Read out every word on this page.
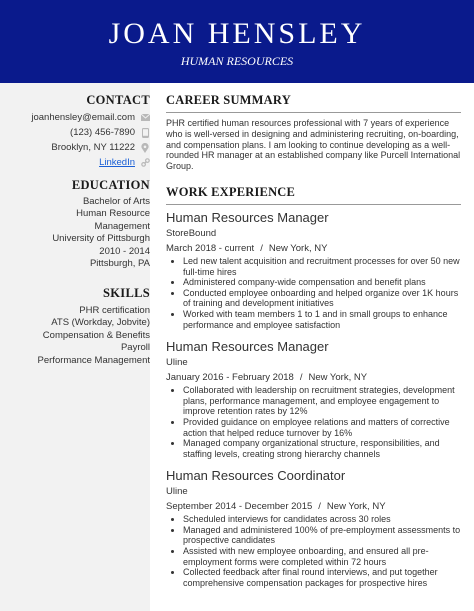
JOAN HENSLEY
HUMAN RESOURCES
CONTACT
joanhensley@email.com
(123) 456-7890
Brooklyn, NY 11222
LinkedIn
EDUCATION
Bachelor of Arts
Human Resource
Management
University of Pittsburgh
2010 - 2014
Pittsburgh, PA
SKILLS
PHR certification
ATS (Workday, Jobvite)
Compensation & Benefits
Payroll
Performance Management
CAREER SUMMARY
PHR certified human resources professional with 7 years of experience who is well-versed in designing and administering recruiting, on-boarding, and compensation plans. I am looking to continue developing as a well-rounded HR manager at an established company like Purcell International Group.
WORK EXPERIENCE
Human Resources Manager
StoreBound
March 2018 - current / New York, NY
• Led new talent acquisition and recruitment processes for over 50 new full-time hires
• Administered company-wide compensation and benefit plans
• Conducted employee onboarding and helped organize over 1K hours of training and development initiatives
• Worked with team members 1 to 1 and in small groups to enhance performance and employee satisfaction
Human Resources Manager
Uline
January 2016 - February 2018 / New York, NY
• Collaborated with leadership on recruitment strategies, development plans, performance management, and employee engagement to improve retention rates by 12%
• Provided guidance on employee relations and matters of corrective action that helped reduce turnover by 16%
• Managed company organizational structure, responsibilities, and staffing levels, creating strong hierarchy channels
Human Resources Coordinator
Uline
September 2014 - December 2015 / New York, NY
• Scheduled interviews for candidates across 30 roles
• Managed and administered 100% of pre-employment assessments to prospective candidates
• Assisted with new employee onboarding, and ensured all pre-employment forms were completed within 72 hours
• Collected feedback after final round interviews, and put together comprehensive compensation packages for prospective hires
